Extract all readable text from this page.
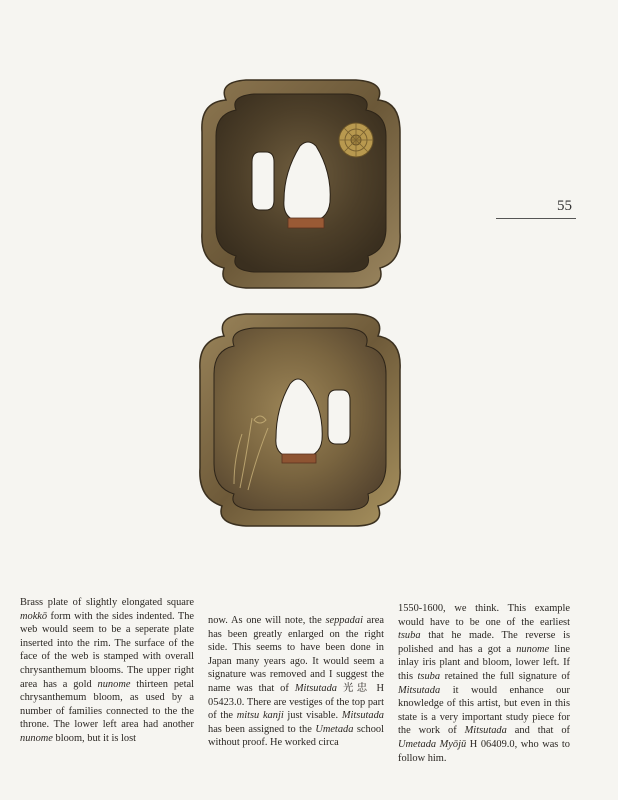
55

Brass plate of slightly elongated square mokkō form with the sides indented. The web would seem to be a seperate plate inserted into the rim. The surface of the face of the web is stamped with overall chrysanthemum blooms. The upper right area has a gold nunome thirteen petal chrysanthemum bloom, as used by a number of families connected to the the throne. The lower left area had another nunome bloom, but it is lost

now. As one will note, the seppadai area has been greatly enlarged on the right side. This seems to have been done in Japan many years ago. It would seem a signature was removed and I suggest the name was that of Mitsutada 光忠 H 05423.0. There are vestiges of the top part of the mitsu kanji just visable. Mitsutada has been assigned to the Umetada school without proof. He worked circa

1550-1600, we think. This example would have to be one of the earliest tsuba that he made. The reverse is polished and has a got a nunome line inlay iris plant and bloom, lower left. If this tsuba retained the full signature of Mitsutada it would enhance our knowledge of this artist, but even in this state is a very important study piece for the work of Mitsutada and that of Umetada Myōjū H 06409.0, who was to follow him.
